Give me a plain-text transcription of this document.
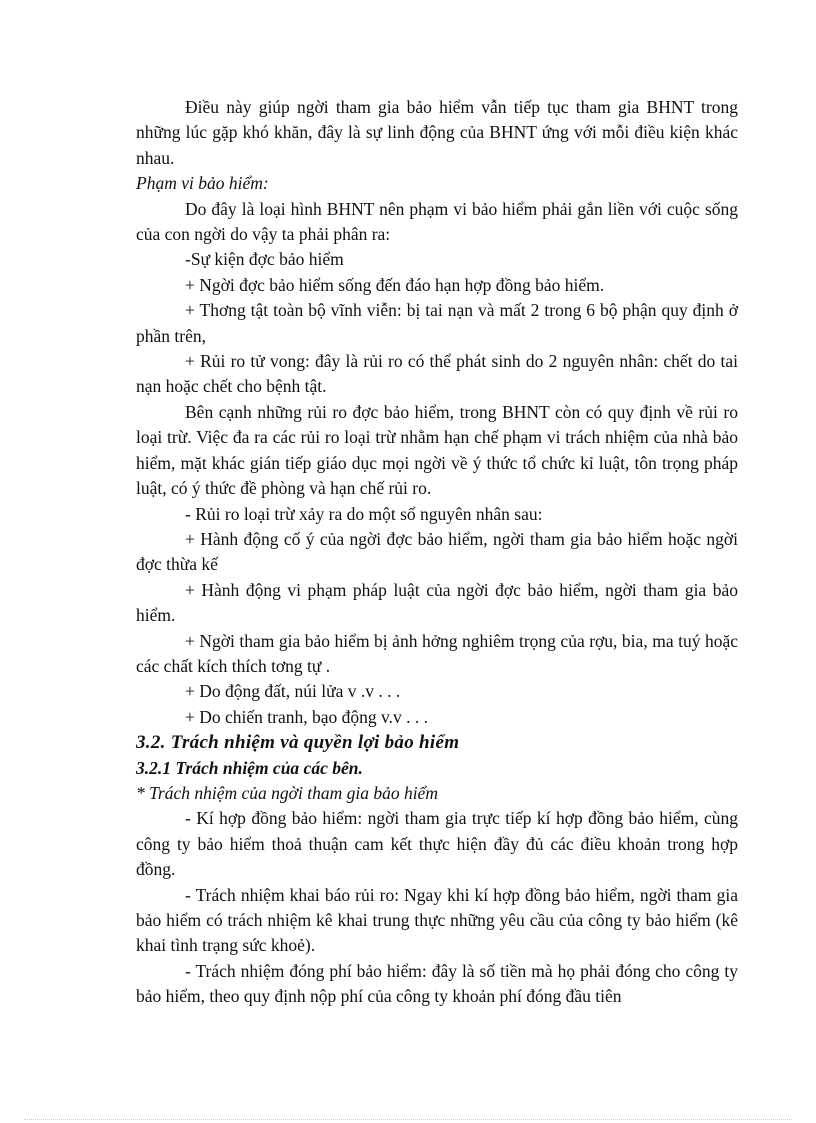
Điều này giúp ngời tham gia bảo hiểm vẫn tiếp tục tham gia BHNT trong những lúc gặp khó khăn, đây là sự linh động của BHNT ứng với mỗi điều kiện khác nhau.

Phạm vi bảo hiểm:

Do đây là loại hình BHNT nên phạm vi bảo hiểm phải gắn liền với cuộc sống của con ngời do vậy ta phải phân ra:

-Sự kiện đợc bảo hiểm

+ Ngời đợc bảo hiểm sống đến đáo hạn hợp đồng bảo hiểm.

+ Thơng tật toàn bộ vĩnh viễn: bị tai nạn và mất 2 trong 6 bộ phận quy định ở phần trên,

+ Rủi ro tử vong: đây là rủi ro có thể phát sinh do 2 nguyên nhân: chết do tai nạn hoặc chết cho bệnh tật.

Bên cạnh những rủi ro đợc bảo hiểm, trong BHNT còn có quy định về rủi ro loại trừ. Việc đa ra các rủi ro loại trừ nhằm hạn chế phạm vi trách nhiệm của nhà bảo hiểm, mặt khác gián tiếp giáo dục mọi ngời về ý thức tổ chức kỉ luật, tôn trọng pháp luật, có ý thức đề phòng và hạn chế rủi ro.

- Rủi ro loại trừ xảy ra do một số nguyên nhân sau:

+ Hành động cố ý của ngời đợc bảo hiểm, ngời tham gia bảo hiểm hoặc ngời đợc thừa kế

+ Hành động vi phạm pháp luật của ngời đợc bảo hiểm, ngời tham gia bảo hiểm.

+ Ngời tham gia bảo hiểm bị ảnh hởng nghiêm trọng của rợu, bia, ma tuý hoặc các chất kích thích tơng tự .

+ Do động đất, núi lửa v .v . . .

+ Do chiến tranh, bạo động v.v . . .

3.2. Trách nhiệm và quyền lợi bảo hiểm

3.2.1 Trách nhiệm của các bên.

* Trách nhiệm của ngời tham gia bảo hiểm

- Kí hợp đồng bảo hiểm: ngời tham gia trực tiếp kí hợp đồng bảo hiểm, cùng công ty bảo hiểm thoả thuận cam kết thực hiện đầy đủ các điều khoản trong hợp đồng.

- Trách nhiệm khai báo rủi ro: Ngay khi kí hợp đồng bảo hiểm, ngời tham gia bảo hiểm có trách nhiệm kê khai trung thực những yêu cầu của công ty bảo hiểm (kê khai tình trạng sức khoẻ).

- Trách nhiệm đóng phí bảo hiểm: đây là số tiền mà họ phải đóng cho công ty bảo hiểm, theo quy định nộp phí của công ty khoản phí đóng đầu tiên
